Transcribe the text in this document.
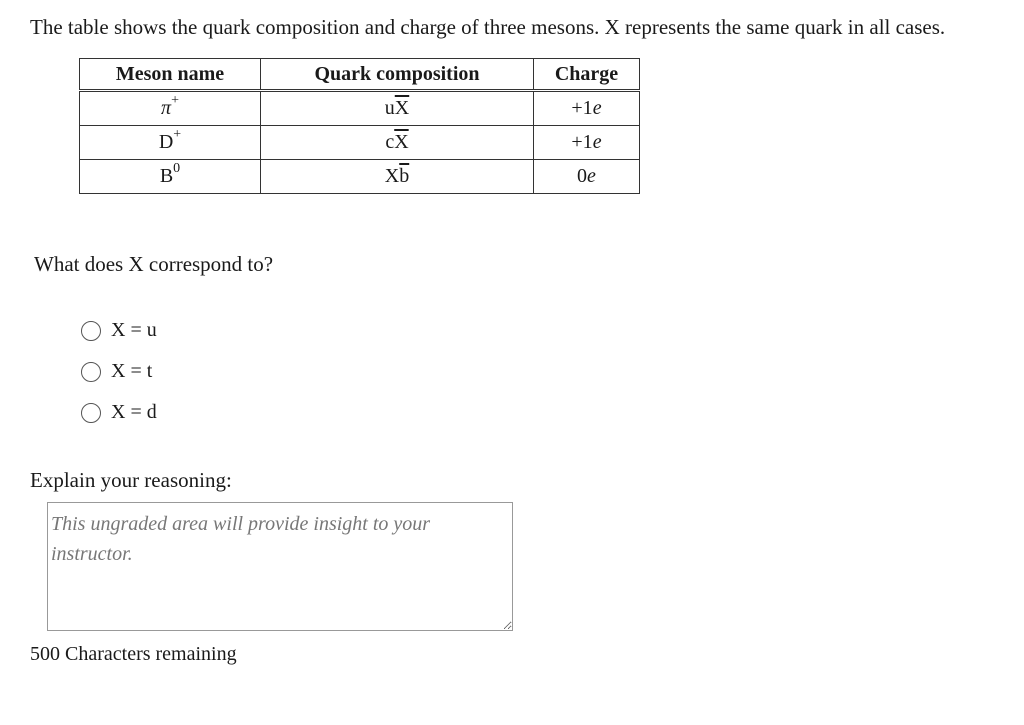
The table shows the quark composition and charge of three mesons. X represents the same quark in all cases.
Meson name	Quark composition	Charge
π+	$u\overline{X}$	+1e
D+	$c\overline{X}$	+1e
$B^0$	$X\overline{b}$	0e
What does X correspond to?
X = u
X = t
X = d
Explain your reasoning:
This ungraded area will provide insight to your instructor.
500 Characters remaining
